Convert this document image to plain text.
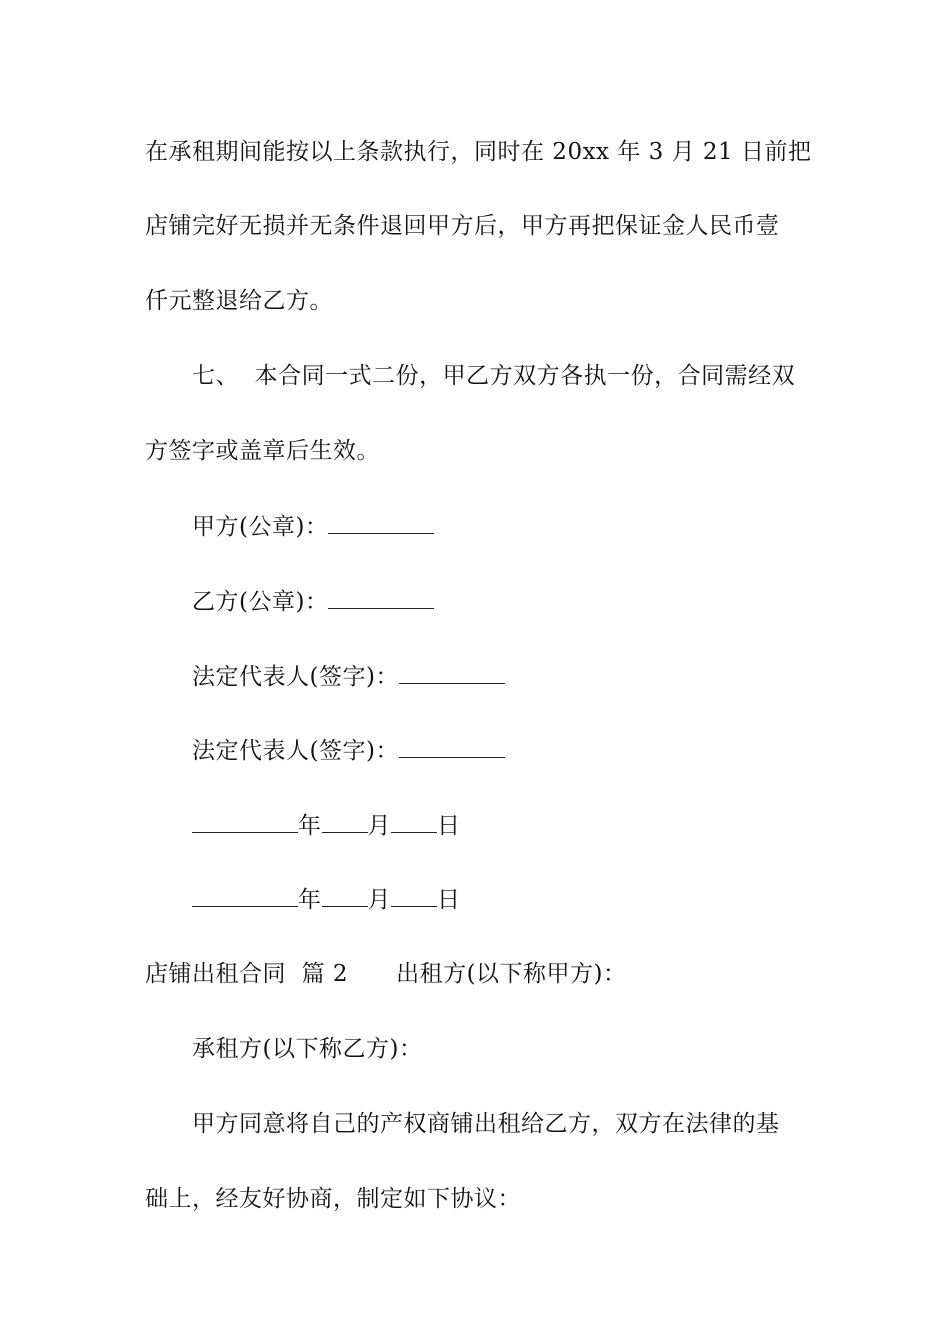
在承租期间能按以上条款执行，同时在 20xx 年 3 月 21 日前把
店铺完好无损并无条件退回甲方后，甲方再把保证金人民币壹
仟元整退给乙方。
七、  本合同一式二份，甲乙方双方各执一份，合同需经双
方签字或盖章后生效。
甲方(公章)：
乙方(公章)：
法定代表人(签字)：
法定代表人(签字)：
年 月 日
年 月 日
店铺出租合同  篇 2 出租方(以下称甲方)：
承租方(以下称乙方)：
甲方同意将自己的产权商铺出租给乙方，双方在法律的基
础上，经友好协商，制定如下协议：
